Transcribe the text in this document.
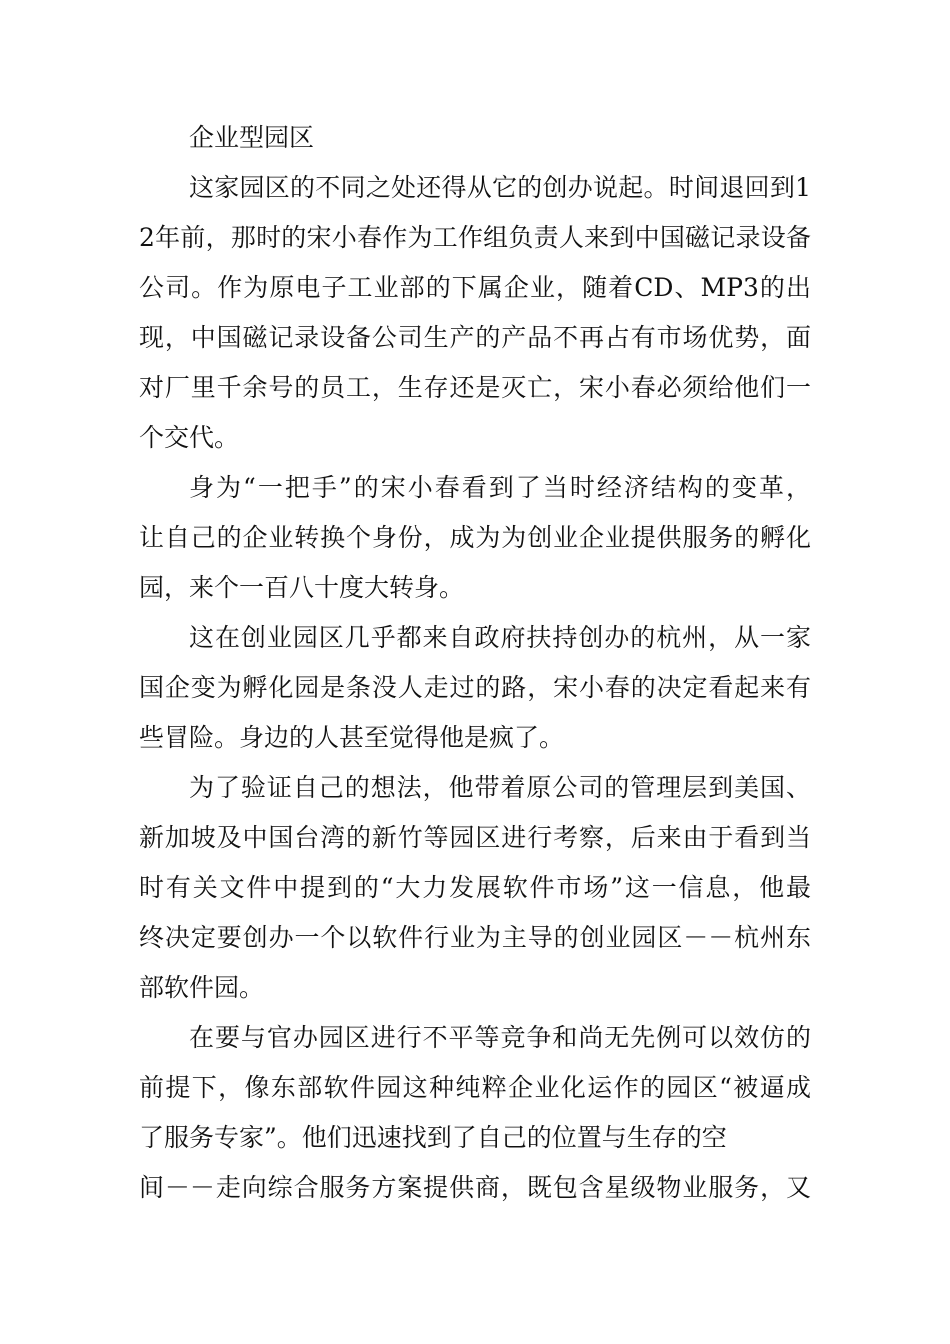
企业型园区
这家园区的不同之处还得从它的创办说起。时间退回到1
2年前，那时的宋小春作为工作组负责人来到中国磁记录设备
公司。作为原电子工业部的下属企业，随着CD、MP3的出
现，中国磁记录设备公司生产的产品不再占有市场优势，面
对厂里千余号的员工，生存还是灭亡，宋小春必须给他们一
个交代。
身为“一把手”的宋小春看到了当时经济结构的变革，
让自己的企业转换个身份，成为为创业企业提供服务的孵化
园，来个一百八十度大转身。
这在创业园区几乎都来自政府扶持创办的杭州，从一家
国企变为孵化园是条没人走过的路，宋小春的决定看起来有
些冒险。身边的人甚至觉得他是疯了。
为了验证自己的想法，他带着原公司的管理层到美国、
新加坡及中国台湾的新竹等园区进行考察，后来由于看到当
时有关文件中提到的“大力发展软件市场”这一信息，他最
终决定要创办一个以软件行业为主导的创业园区－－杭州东
部软件园。
在要与官办园区进行不平等竞争和尚无先例可以效仿的
前提下，像东部软件园这种纯粹企业化运作的园区“被逼成
了服务专家”。他们迅速找到了自己的位置与生存的空
间－－走向综合服务方案提供商，既包含星级物业服务，又
